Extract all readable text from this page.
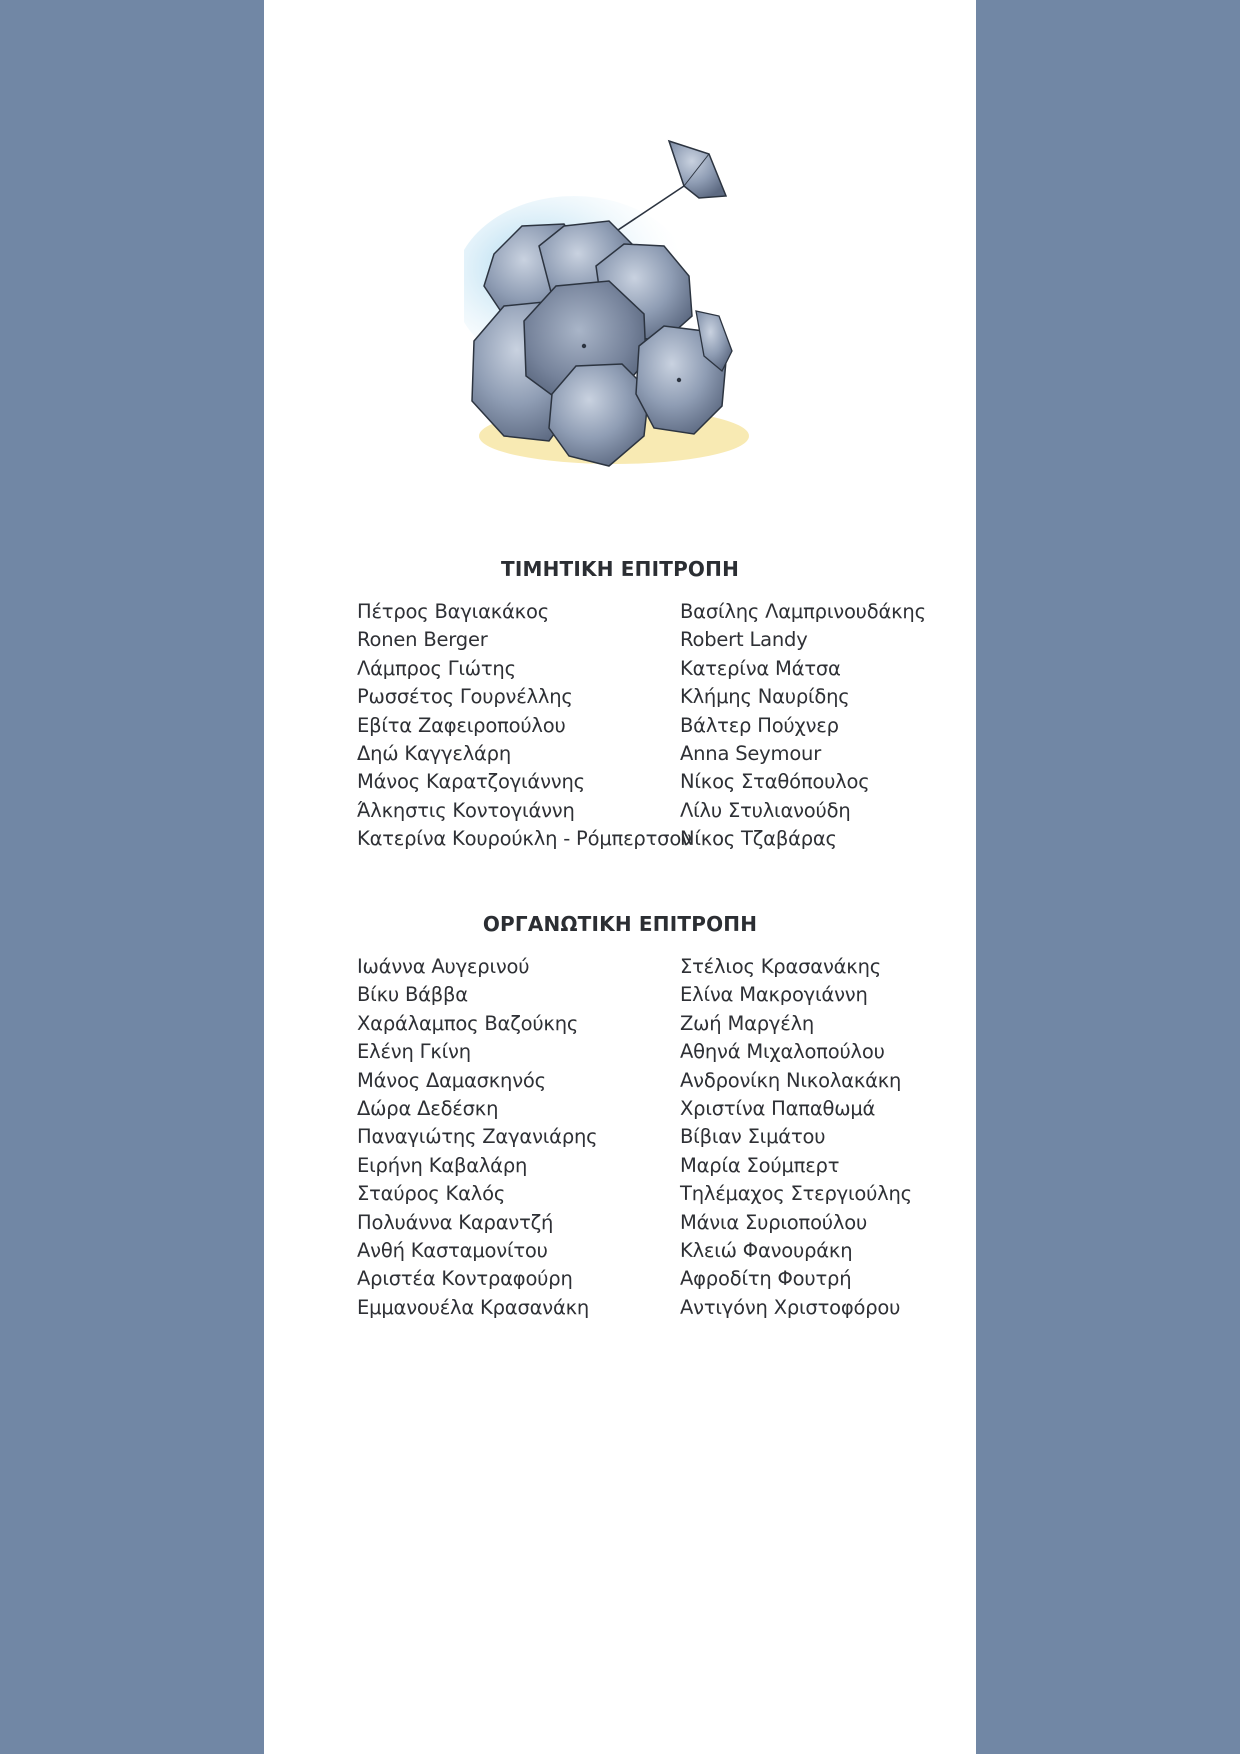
ΤΙΜΗΤΙΚΗ ΕΠΙΤΡΟΠΗ
Πέτρος Βαγιακάκος
Ronen Berger
Λάμπρος Γιώτης
Ρωσσέτος Γουρνέλλης
Εβίτα Ζαφειροπούλου
Δηώ Καγγελάρη
Μάνος Καρατζογιάννης
Άλκηστις Κοντογιάννη
Κατερίνα Κουρούκλη - Ρόμπερτσον
Βασίλης Λαμπρινουδάκης
Robert Landy
Κατερίνα Μάτσα
Κλήμης Ναυρίδης
Βάλτερ Πούχνερ
Anna Seymour
Νίκος Σταθόπουλος
Λίλυ Στυλιανούδη
Νίκος Τζαβάρας
ΟΡΓΑΝΩΤΙΚΗ ΕΠΙΤΡΟΠΗ
Ιωάννα Αυγερινού
Βίκυ Βάββα
Χαράλαμπος Βαζούκης
Ελένη Γκίνη
Μάνος Δαμασκηνός
Δώρα Δεδέσκη
Παναγιώτης Ζαγανιάρης
Ειρήνη Καβαλάρη
Σταύρος Καλός
Πολυάννα Καραντζή
Ανθή Κασταμονίτου
Αριστέα Κοντραφούρη
Εμμανουέλα Κρασανάκη
Στέλιος Κρασανάκης
Ελίνα Μακρογιάννη
Ζωή Μαργέλη
Αθηνά Μιχαλοπούλου
Ανδρονίκη Νικολακάκη
Χριστίνα Παπαθωμά
Βίβιαν Σιμάτου
Μαρία Σούμπερτ
Τηλέμαχος Στεργιούλης
Μάνια Συριοπούλου
Κλειώ Φανουράκη
Αφροδίτη Φουτρή
Αντιγόνη Χριστοφόρου
